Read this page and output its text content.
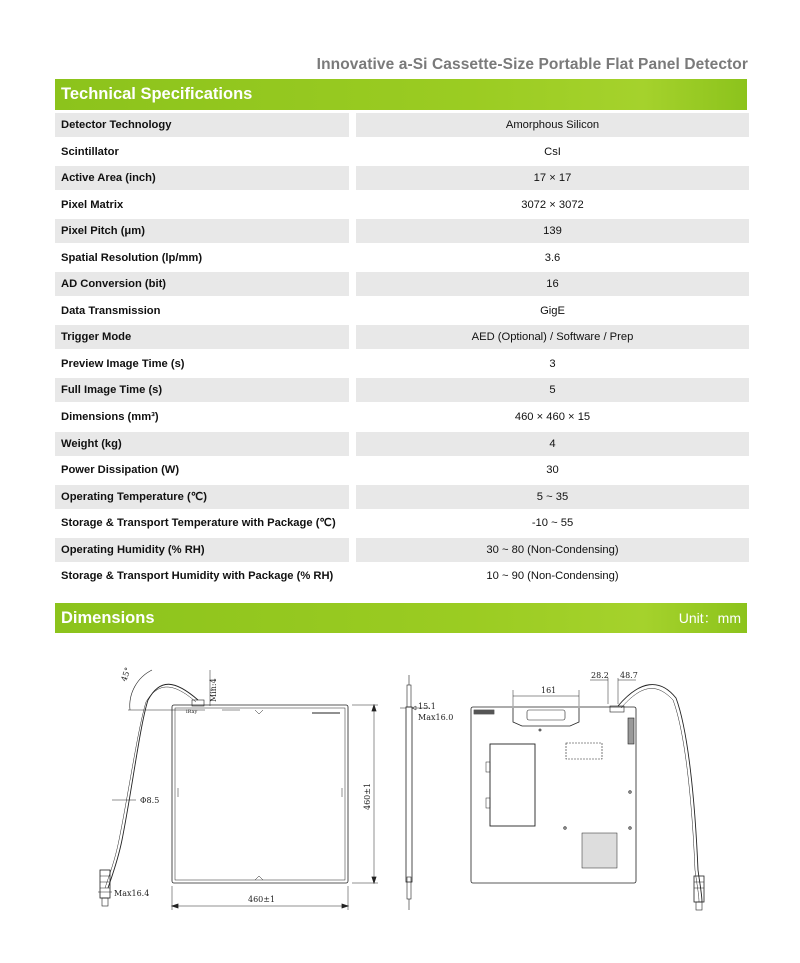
Innovative a-Si Cassette-Size Portable Flat Panel Detector
Technical Specifications
Detector Technology	Amorphous Silicon
Scintillator	CsI
Active Area (inch)	17 × 17
Pixel Matrix	3072 × 3072
Pixel Pitch (μm)	139
Spatial Resolution (lp/mm)	3.6
AD Conversion (bit)	16
Data Transmission	GigE
Trigger Mode	AED (Optional) / Software / Prep
Preview Image Time (s)	3
Full Image Time (s)	5
Dimensions (mm³)	460 × 460 × 15
Weight (kg)	4
Power Dissipation (W)	30
Operating Temperature (℃)	5 ~ 35
Storage & Transport Temperature with Package (℃)	-10 ~ 55
Operating Humidity (% RH)	30 ~ 80 (Non-Condensing)
Storage & Transport Humidity with Package (% RH)	10 ~ 90 (Non-Condensing)
Dimensions	Unit：mm
45°
Min:4
Φ8.5
Max16.4
460±1
460±1
15.1
Max16.0
161
28.2 48.7
iRay
